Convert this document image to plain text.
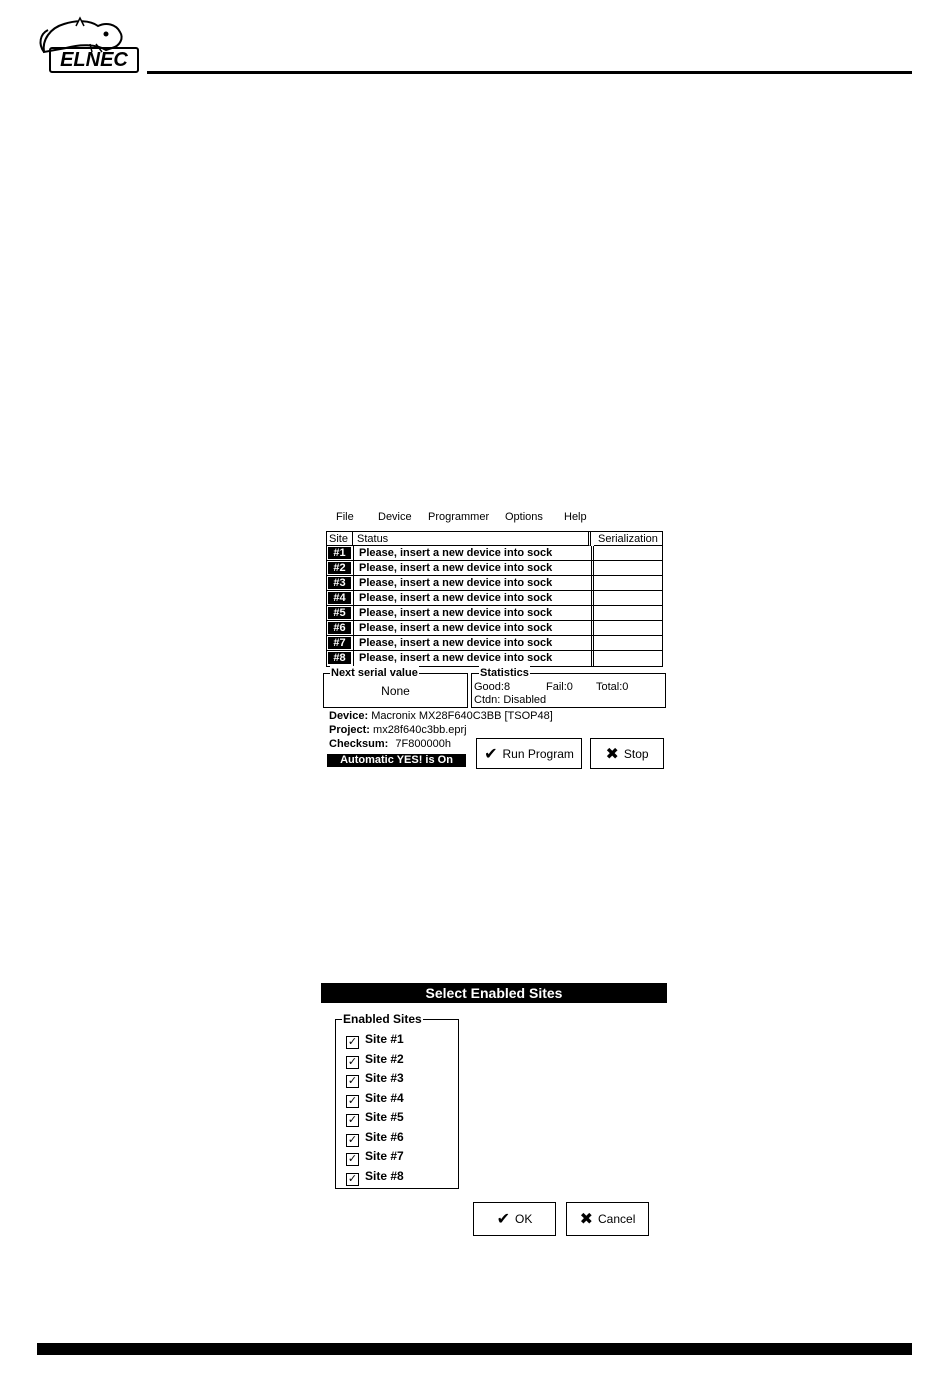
ELNEC
File Device Programmer Options Help
Site Status	Serialization
#1	Please, insert a new device into sock
#2	Please, insert a new device into sock
#3	Please, insert a new device into sock
#4	Please, insert a new device into sock
#5	Please, insert a new device into sock
#6	Please, insert a new device into sock
#7	Please, insert a new device into sock
#8	Please, insert a new device into sock
Next serial value
None
Statistics
Good:8	Fail:0 Total:0
Ctdn: Disabled
Device: Macronix MX28F640C3BB [TSOP48]
Project: mx28f640c3bb.eprj
Checksum: 7F800000h
Automatic YES! is On	✔ Run Program ✖ Stop
Select Enabled Sites
Enabled Sites
✓ Site #1
✓ Site #2
✓ Site #3
✓ Site #4
✓ Site #5
✓ Site #6
✓ Site #7
✓ Site #8
✔ OK	✖ Cancel
